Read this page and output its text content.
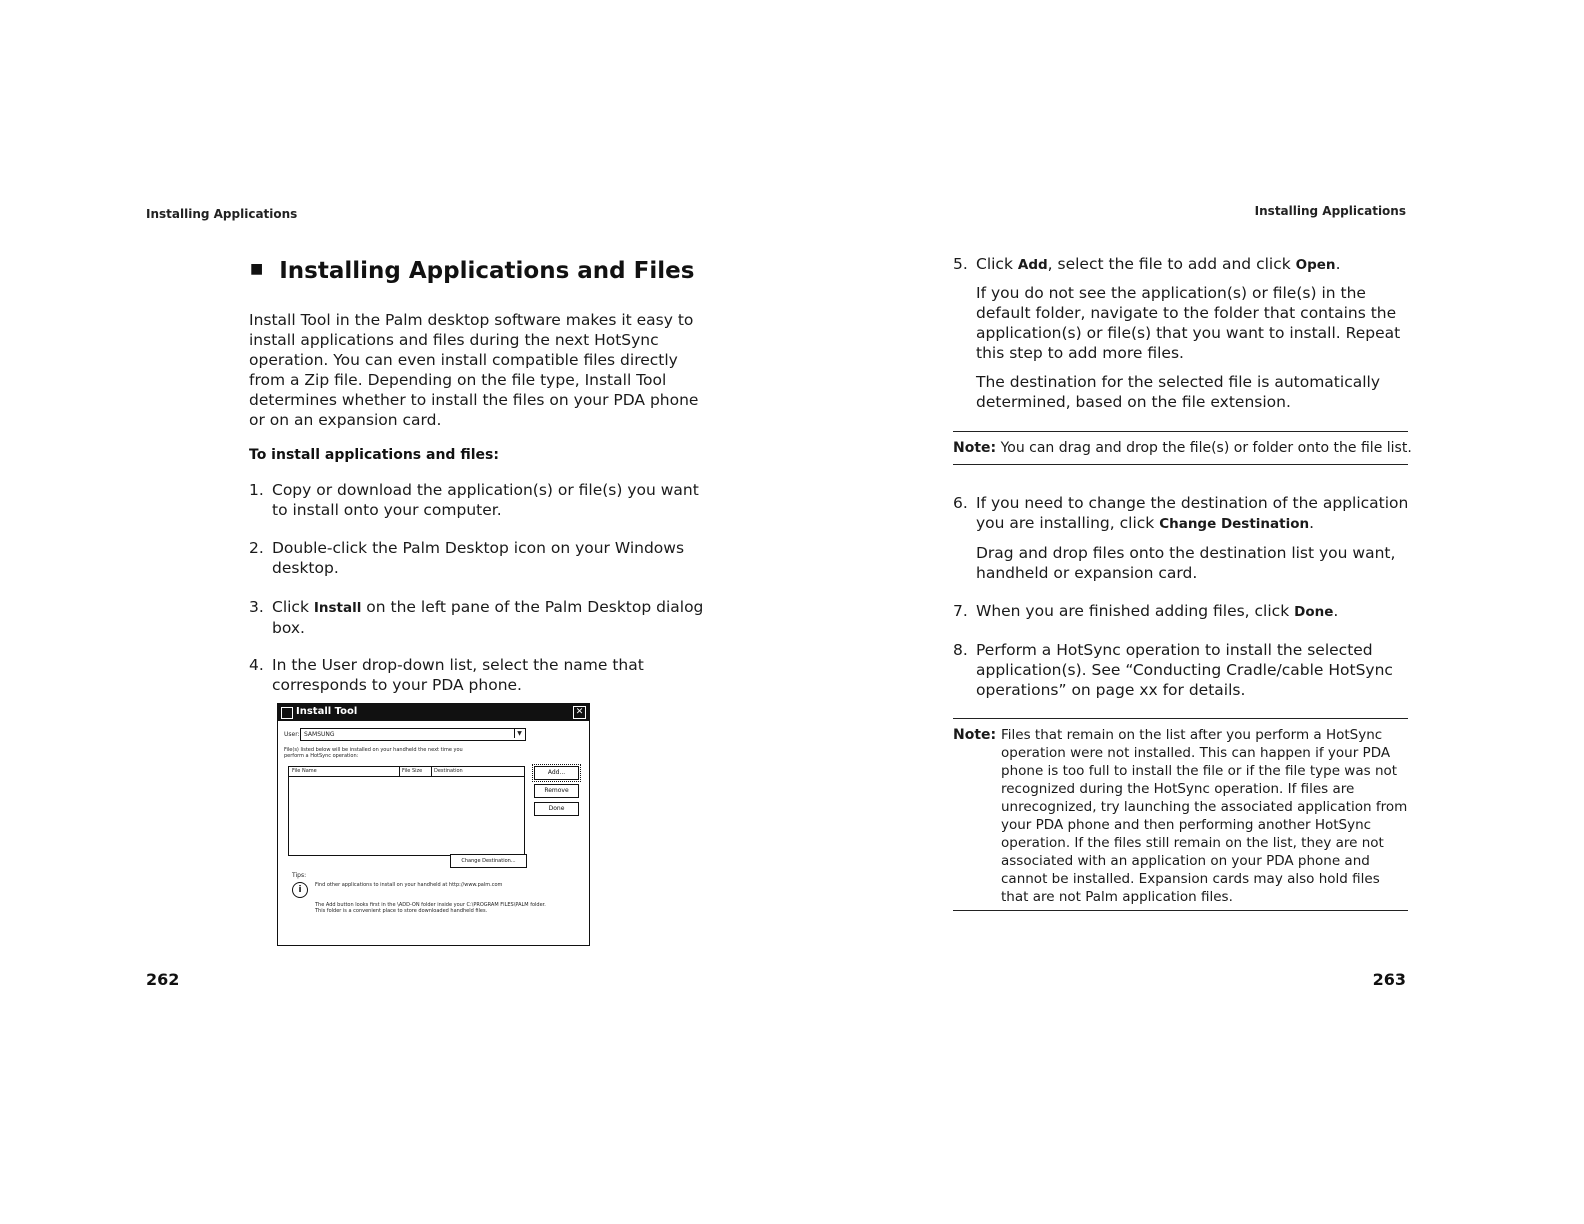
Installing Applications
■ Installing Applications and Files
Install Tool in the Palm desktop software makes it easy to install applications and files during the next HotSync operation. You can even install compatible files directly from a Zip file. Depending on the file type, Install Tool determines whether to install the files on your PDA phone or on an expansion card.
To install applications and files:
1. Copy or download the application(s) or file(s) you want to install onto your computer.
2. Double-click the Palm Desktop icon on your Windows desktop.
3. Click Install on the left pane of the Palm Desktop dialog box.
4. In the User drop-down list, select the name that corresponds to your PDA phone.
Install Tool	✕
User: SAMSUNG	▼
File(s) listed below will be installed on your handheld the next time you perform a HotSync operation:
File Name	File Size	Destination	Add...
Remove
Done
Change Destination...
Tips:
i	Find other applications to install on your handheld at http://www.palm.com
The Add button looks first in the \ADD-ON folder inside your C:\PROGRAM FILES\PALM folder. This folder is a convenient place to store downloaded handheld files.
262
Installing Applications
5. Click Add, select the file to add and click Open.
If you do not see the application(s) or file(s) in the default folder, navigate to the folder that contains the application(s) or file(s) that you want to install. Repeat this step to add more files.
The destination for the selected file is automatically determined, based on the file extension.
Note: You can drag and drop the file(s) or folder onto the file list.
6. If you need to change the destination of the application you are installing, click Change Destination.
Drag and drop files onto the destination list you want, handheld or expansion card.
7. When you are finished adding files, click Done.
8. Perform a HotSync operation to install the selected application(s). See “Conducting Cradle/cable HotSync operations” on page xx for details.
Note: Files that remain on the list after you perform a HotSync operation were not installed. This can happen if your PDA phone is too full to install the file or if the file type was not recognized during the HotSync operation. If files are unrecognized, try launching the associated application from your PDA phone and then performing another HotSync operation. If the files still remain on the list, they are not associated with an application on your PDA phone and cannot be installed. Expansion cards may also hold files that are not Palm application files.
263
